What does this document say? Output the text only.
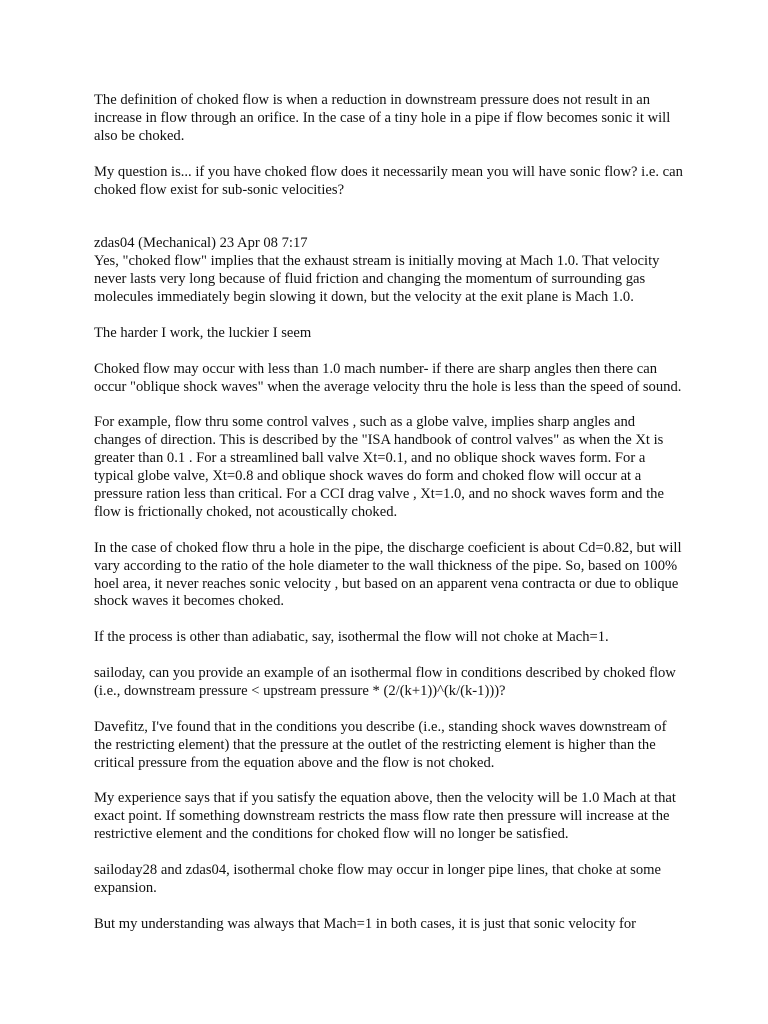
The definition of choked flow is when a reduction in downstream pressure does not result in an increase in flow through an orifice. In the case of a tiny hole in a pipe if flow becomes sonic it will also be choked.

My question is... if you have choked flow does it necessarily mean you will have sonic flow? i.e. can choked flow exist for sub-sonic velocities?

zdas04 (Mechanical) 23 Apr 08 7:17
Yes, "choked flow" implies that the exhaust stream is initially moving at Mach 1.0. That velocity never lasts very long because of fluid friction and changing the momentum of surrounding gas molecules immediately begin slowing it down, but the velocity at the exit plane is Mach 1.0.

The harder I work, the luckier I seem

Choked flow may occur with less than 1.0 mach number- if there are sharp angles then there can occur "oblique shock waves" when the average velocity thru the hole is less than the speed of sound.

For example, flow thru some control valves , such as a globe valve, implies sharp angles and changes of direction. This is described by the "ISA handbook of control valves" as when the Xt is greater than 0.1 . For a streamlined ball valve Xt=0.1, and no oblique shock waves form. For a typical globe valve, Xt=0.8 and oblique shock waves do form and choked flow will occur at a pressure ration less than critical. For a CCI drag valve , Xt=1.0, and no shock waves form and the flow is frictionally choked, not acoustically choked.

In the case of choked flow thru a hole in the pipe, the discharge coeficient is about Cd=0.82, but will vary according to the ratio of the hole diameter to the wall thickness of the pipe. So, based on 100% hoel area, it never reaches sonic velocity , but based on an apparent vena contracta or due to oblique shock waves it becomes choked.

If the process is other than adiabatic, say, isothermal the flow will not choke at Mach=1.

sailoday, can you provide an example of an isothermal flow in conditions described by choked flow (i.e., downstream pressure < upstream pressure * (2/(k+1))^(k/(k-1)))?

Davefitz, I've found that in the conditions you describe (i.e., standing shock waves downstream of the restricting element) that the pressure at the outlet of the restricting element is higher than the critical pressure from the equation above and the flow is not choked.

My experience says that if you satisfy the equation above, then the velocity will be 1.0 Mach at that exact point. If something downstream restricts the mass flow rate then pressure will increase at the restrictive element and the conditions for choked flow will no longer be satisfied.

sailoday28 and zdas04, isothermal choke flow may occur in longer pipe lines, that choke at some expansion.

But my understanding was always that Mach=1 in both cases, it is just that sonic velocity for
